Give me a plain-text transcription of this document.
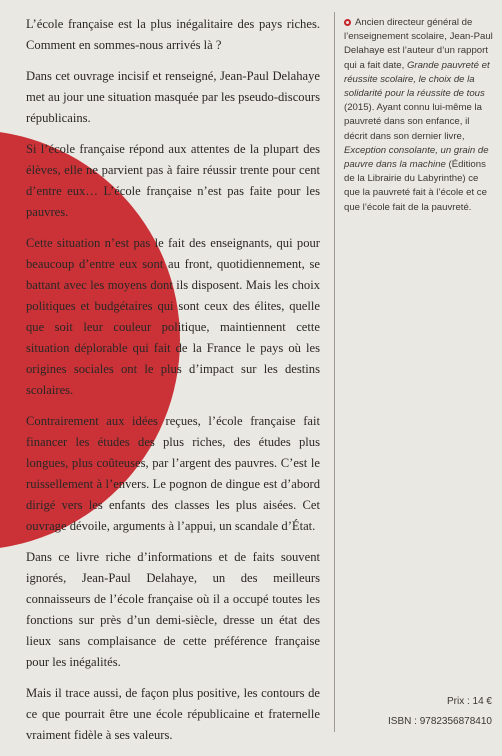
L’école française est la plus inégalitaire des pays riches. Comment en sommes-nous arrivés là ?

Dans cet ouvrage incisif et renseigné, Jean-Paul Delahaye met au jour une situation masquée par les pseudo-discours républicains.

Si l’école française répond aux attentes de la plupart des élèves, elle ne parvient pas à faire réussir trente pour cent d’entre eux… L’école française n’est pas faite pour les pauvres.

Cette situation n’est pas le fait des enseignants, qui pour beaucoup d’entre eux sont au front, quotidiennement, se battant avec les moyens dont ils disposent. Mais les choix politiques et budgétaires qui sont ceux des élites, quelle que soit leur couleur politique, maintiennent cette situation déplorable qui fait de la France le pays où les origines sociales ont le plus d’impact sur les destins scolaires.

Contrairement aux idées reçues, l’école française fait financer les études des plus riches, des études plus longues, plus coûteuses, par l’argent des pauvres. C’est le ruissellement à l’envers. Le pognon de dingue est d’abord dirigé vers les enfants des classes les plus aisées. Cet ouvrage dévoile, arguments à l’appui, un scandale d’État.

Dans ce livre riche d’informations et de faits souvent ignorés, Jean-Paul Delahaye, un des meilleurs connaisseurs de l’école française où il a occupé toutes les fonctions sur près d’un demi-siècle, dresse un état des lieux sans complaisance de cette préférence française pour les inégalités.

Mais il trace aussi, de façon plus positive, les contours de ce que pourrait être une école républicaine et fraternelle vraiment fidèle à ses valeurs.

Ancien directeur général de l’enseignement scolaire, Jean-Paul Delahaye est l’auteur d’un rapport qui a fait date, Grande pauvreté et réussite scolaire, le choix de la solidarité pour la réussite de tous (2015). Ayant connu lui-même la pauvreté dans son enfance, il décrit dans son dernier livre, Exception consolante, un grain de pauvre dans la machine (Éditions de la Librairie du Labyrinthe) ce que la pauvreté fait à l’école et ce que l’école fait de la pauvreté.
Prix : 14 €
ISBN : 9782356878410
